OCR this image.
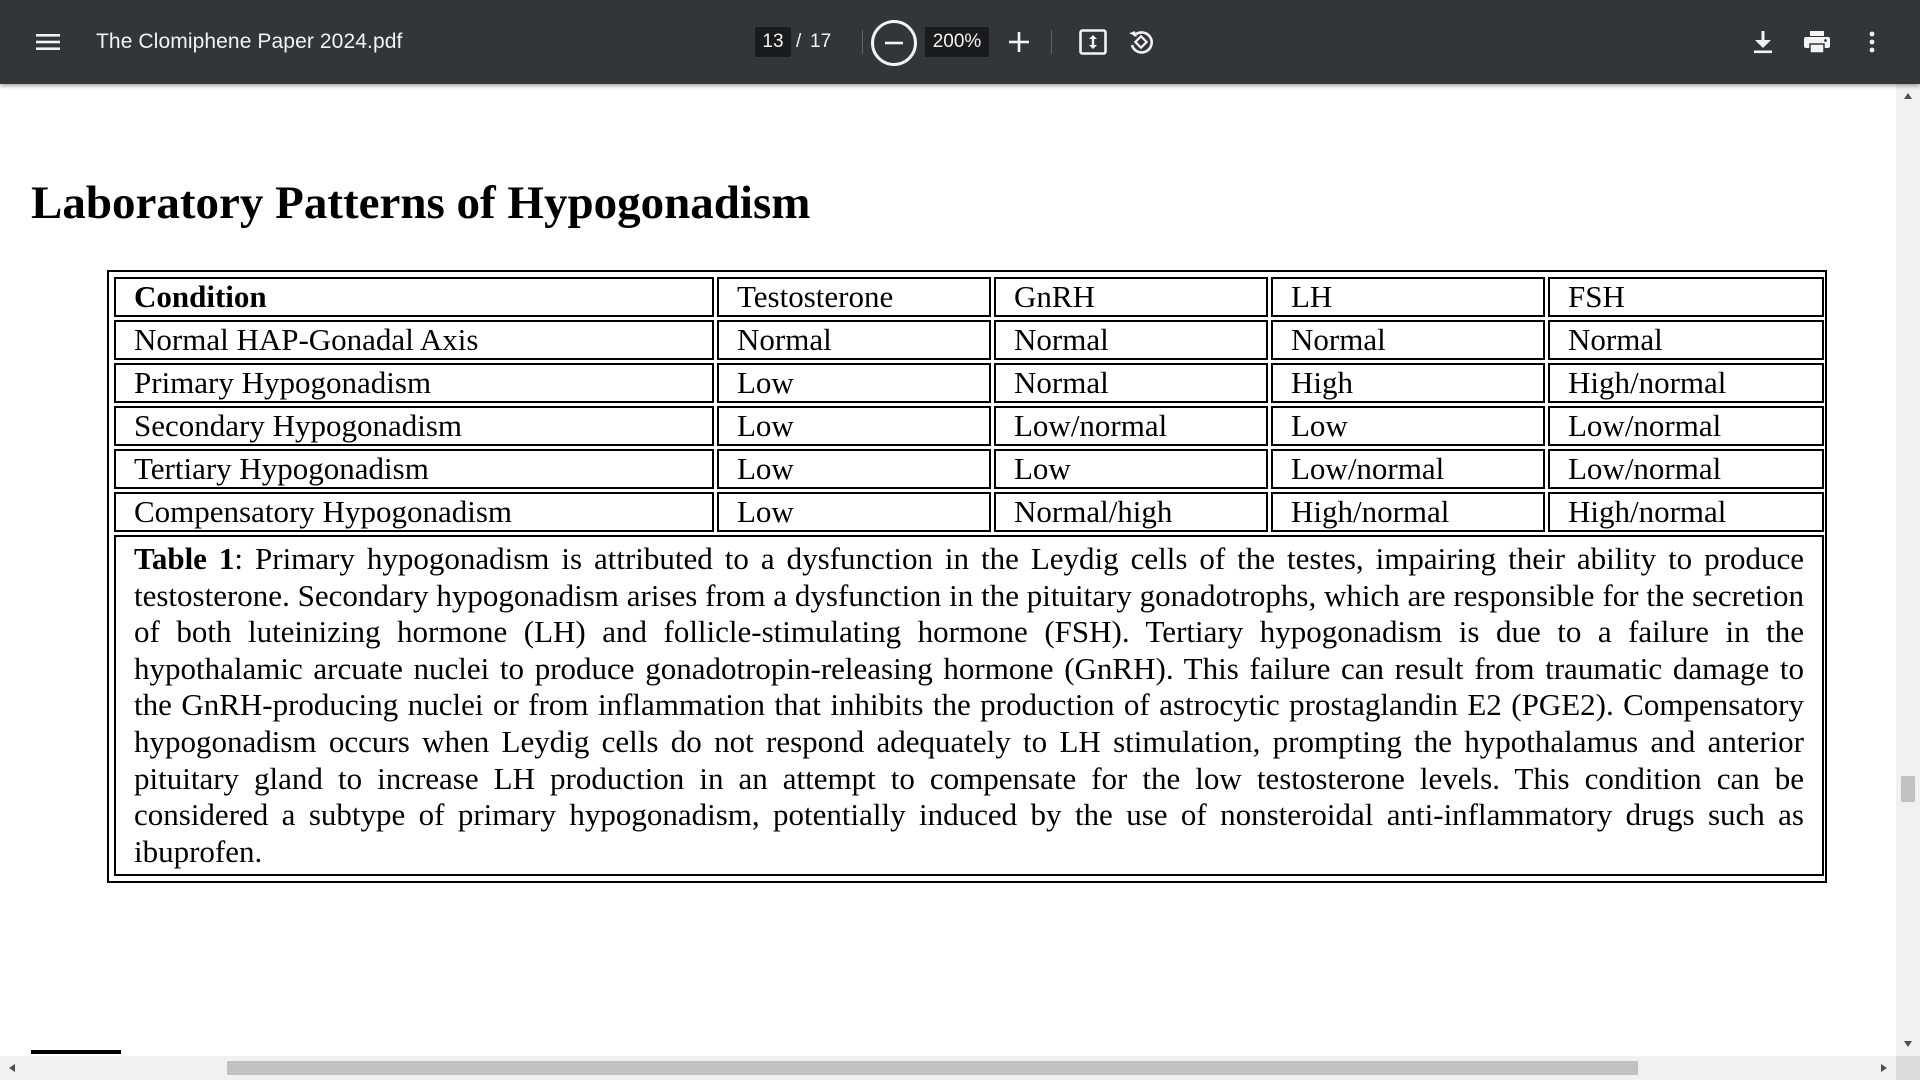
The Clomiphene Paper 2024.pdf	13 / 17	200%
Laboratory Patterns of Hypogonadism
Condition	Testosterone	GnRH	LH	FSH
Normal HAP-Gonadal Axis	Normal	Normal	Normal	Normal
Primary Hypogonadism	Low	Normal	High	High/normal
Secondary Hypogonadism	Low	Low/normal	Low	Low/normal
Tertiary Hypogonadism	Low	Low	Low/normal	Low/normal
Compensatory Hypogonadism	Low	Normal/high	High/normal	High/normal
Table 1: Primary hypogonadism is attributed to a dysfunction in the Leydig cells of the testes, impairing their ability to produce testosterone. Secondary hypogonadism arises from a dysfunction in the pituitary gonadotrophs, which are responsible for the secretion of both luteinizing hormone (LH) and follicle-stimulating hormone (FSH). Tertiary hypogonadism is due to a failure in the hypothalamic arcuate nuclei to produce gonadotropin-releasing hormone (GnRH). This failure can result from traumatic damage to the GnRH-producing nuclei or from inflammation that inhibits the production of astrocytic prostaglandin E2 (PGE2). Compensatory hypogonadism occurs when Leydig cells do not respond adequately to LH stimulation, prompting the hypothalamus and anterior pituitary gland to increase LH production in an attempt to compensate for the low testosterone levels. This condition can be considered a subtype of primary hypogonadism, potentially induced by the use of nonsteroidal anti-inflammatory drugs such as ibuprofen.				
